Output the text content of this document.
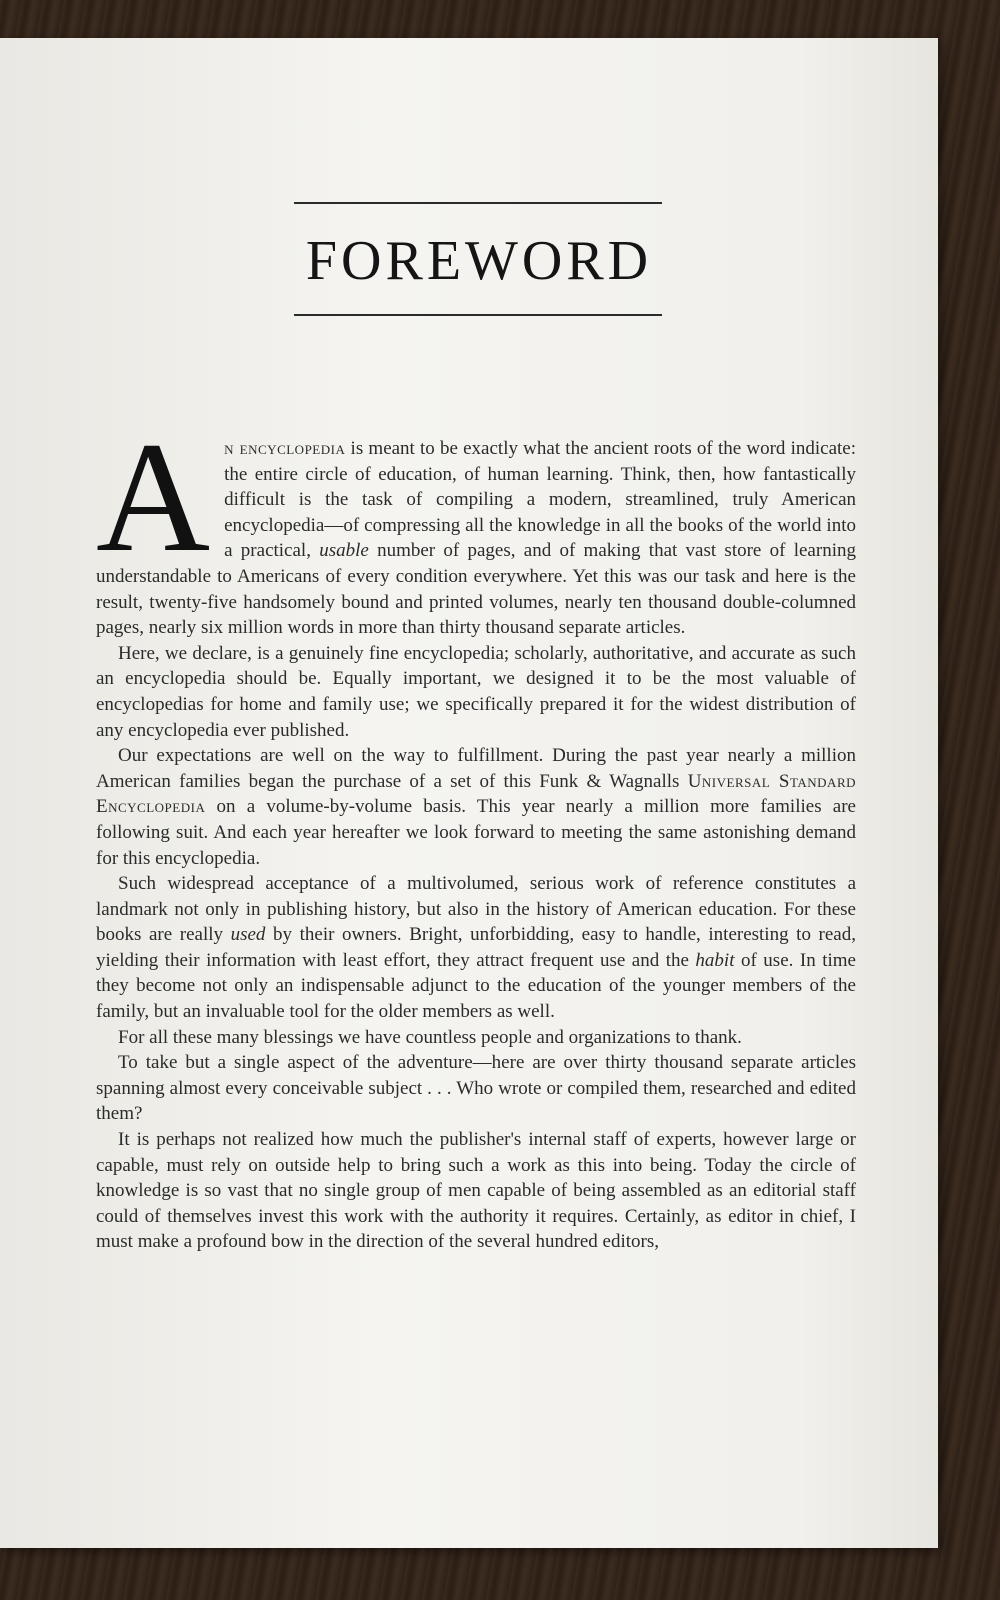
FOREWORD

An encyclopedia is meant to be exactly what the ancient roots of the word indicate: the entire circle of education, of human learning. Think, then, how fantastically difficult is the task of compiling a modern, streamlined, truly American encyclopedia—of compressing all the knowledge in all the books of the world into a practical, usable number of pages, and of making that vast store of learning understandable to Americans of every condition everywhere. Yet this was our task and here is the result, twenty-five handsomely bound and printed volumes, nearly ten thousand double-columned pages, nearly six million words in more than thirty thousand separate articles.

Here, we declare, is a genuinely fine encyclopedia; scholarly, authoritative, and accurate as such an encyclopedia should be. Equally important, we designed it to be the most valuable of encyclopedias for home and family use; we specifically prepared it for the widest distribution of any encyclopedia ever published.

Our expectations are well on the way to fulfillment. During the past year nearly a million American families began the purchase of a set of this Funk & Wagnalls Universal Standard Encyclopedia on a volume-by-volume basis. This year nearly a million more families are following suit. And each year hereafter we look forward to meeting the same astonishing demand for this encyclopedia.

Such widespread acceptance of a multivolumed, serious work of reference constitutes a landmark not only in publishing history, but also in the history of American education. For these books are really used by their owners. Bright, unforbidding, easy to handle, interesting to read, yielding their information with least effort, they attract frequent use and the habit of use. In time they become not only an indispensable adjunct to the education of the younger members of the family, but an invaluable tool for the older members as well.

For all these many blessings we have countless people and organizations to thank.

To take but a single aspect of the adventure—here are over thirty thousand separate articles spanning almost every conceivable subject . . . Who wrote or compiled them, researched and edited them?

It is perhaps not realized how much the publisher's internal staff of experts, however large or capable, must rely on outside help to bring such a work as this into being. Today the circle of knowledge is so vast that no single group of men capable of being assembled as an editorial staff could of themselves invest this work with the authority it requires. Certainly, as editor in chief, I must make a profound bow in the direction of the several hundred editors,
